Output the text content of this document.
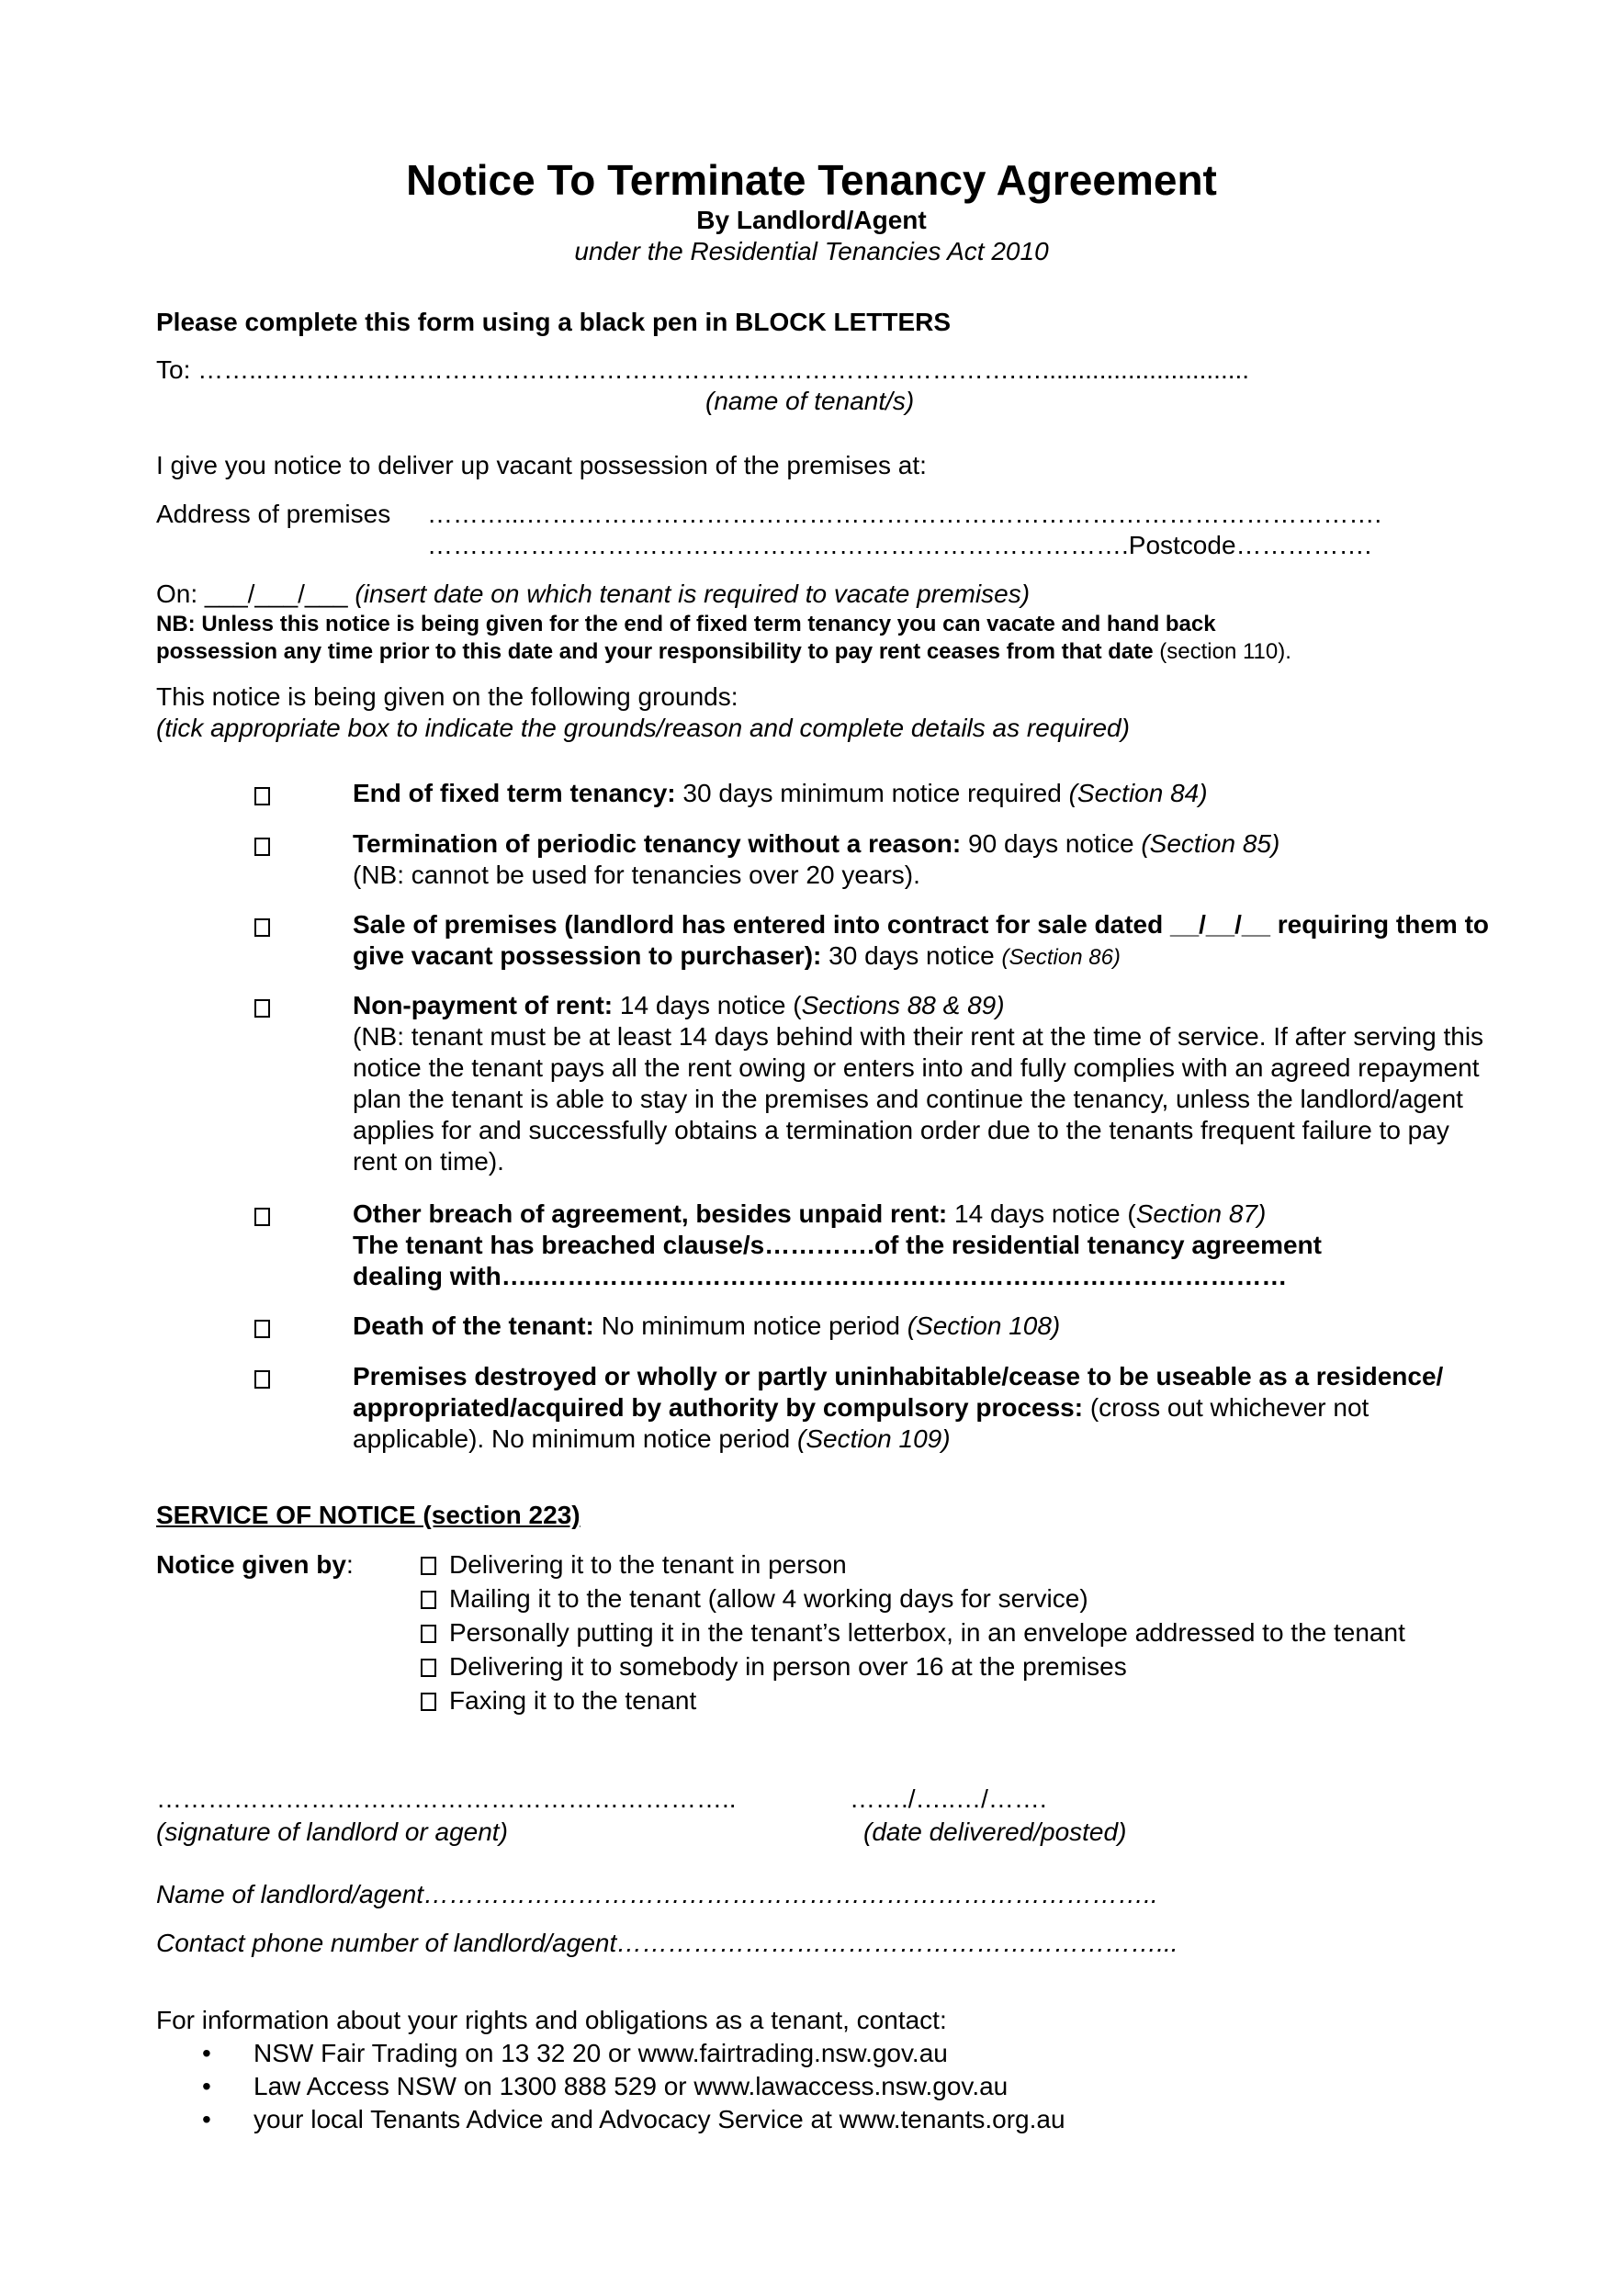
Notice To Terminate Tenancy Agreement
By Landlord/Agent
under the Residential Tenancies Act 2010
Please complete this form using a black pen in BLOCK LETTERS
To: ……..…………………………………………………………………………….….............................
(name of tenant/s)
I give you notice to deliver up vacant possession of the premises at:
Address of premises ………...……………………………………………………………………………………….
……………………………………………………………………….Postcode…………….
On: ___/___/___ (insert date on which tenant is required to vacate premises)
NB: Unless this notice is being given for the end of fixed term tenancy you can vacate and hand back
possession any time prior to this date and your responsibility to pay rent ceases from that date (section 110).
This notice is being given on the following grounds:
(tick appropriate box to indicate the grounds/reason and complete details as required)
End of fixed term tenancy: 30 days minimum notice required (Section 84)
Termination of periodic tenancy without a reason: 90 days notice (Section 85)
(NB: cannot be used for tenancies over 20 years).
Sale of premises (landlord has entered into contract for sale dated __/__/__ requiring them to give vacant possession to purchaser): 30 days notice (Section 86)
Non-payment of rent: 14 days notice (Sections 88 & 89)
(NB: tenant must be at least 14 days behind with their rent at the time of service. If after serving this notice the tenant pays all the rent owing or enters into and fully complies with an agreed repayment plan the tenant is able to stay in the premises and continue the tenancy, unless the landlord/agent applies for and successfully obtains a termination order due to the tenants frequent failure to pay rent on time).
Other breach of agreement, besides unpaid rent: 14 days notice (Section 87)
The tenant has breached clause/s………….of the residential tenancy agreement
dealing with…..……………………………………………………………………………
Death of the tenant: No minimum notice period (Section 108)
Premises destroyed or wholly or partly uninhabitable/cease to be useable as a residence/ appropriated/acquired by authority by compulsory process: (cross out whichever not applicable). No minimum notice period (Section 109)
SERVICE OF NOTICE (section 223)
Notice given by:	Delivering it to the tenant in person
Mailing it to the tenant (allow 4 working days for service)
Personally putting it in the tenant’s letterbox, in an envelope addressed to the tenant
Delivering it to somebody in person over 16 at the premises
Faxing it to the tenant
…………………………………………………………..
(signature of landlord or agent)
……./…..…/…….
(date delivered/posted)
Name of landlord/agent…………………………………………………………………………..
Contact phone number of landlord/agent………………………………………………………...
For information about your rights and obligations as a tenant, contact:
• NSW Fair Trading on 13 32 20 or www.fairtrading.nsw.gov.au
• Law Access NSW on 1300 888 529 or www.lawaccess.nsw.gov.au
• your local Tenants Advice and Advocacy Service at www.tenants.org.au
